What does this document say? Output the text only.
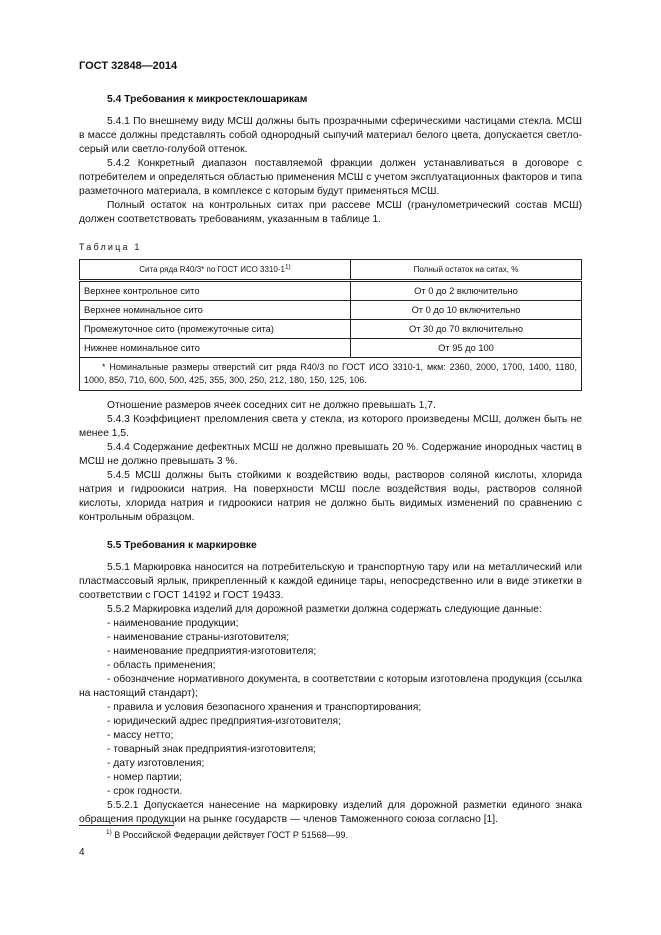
ГОСТ 32848—2014

5.4 Требования к микростеклошарикам

5.4.1 По внешнему виду МСШ должны быть прозрачными сферическими частицами стекла. МСШ в массе должны представлять собой однородный сыпучий материал белого цвета, допускается светло-серый или светло-голубой оттенок.

5.4.2 Конкретный диапазон поставляемой фракции должен устанавливаться в договоре с потребителем и определяться областью применения МСШ с учетом эксплуатационных факторов и типа разметочного материала, в комплексе с которым будут применяться МСШ.

Полный остаток на контрольных ситах при рассеве МСШ (гранулометрический состав МСШ) должен соответствовать требованиям, указанным в таблице 1.

Таблица 1
Сита ряда R40/3* по ГОСТ ИСО 3310-1$^{1)}$	Полный остаток на ситах, %
Верхнее контрольное сито	От 0 до 2 включительно
Верхнее номинальное сито	От 0 до 10 включительно
Промежуточное сито (промежуточные сита)	От 30 до 70 включительно
Нижнее номинальное сито	От 95 до 100
* Номинальные размеры отверстий сит ряда R40/3 по ГОСТ ИСО 3310-1, мкм: 2360, 2000, 1700, 1400, 1180, 1000, 850, 710, 600, 500, 425, 355, 300, 250, 212, 180, 150, 125, 106.	

Отношение размеров ячеек соседних сит не должно превышать 1,7.

5.4.3 Коэффициент преломления света у стекла, из которого произведены МСШ, должен быть не менее 1,5.

5.4.4 Содержание дефектных МСШ не должно превышать 20 %. Содержание инородных частиц в МСШ не должно превышать 3 %.

5.4.5 МСШ должны быть стойкими к воздействию воды, растворов соляной кислоты, хлорида натрия и гидроокиси натрия. На поверхности МСШ после воздействия воды, растворов соляной кислоты, хлорида натрия и гидроокиси натрия не должно быть видимых изменений по сравнению с контрольным образцом.

5.5 Требования к маркировке

5.5.1 Маркировка наносится на потребительскую и транспортную тару или на металлический или пластмассовый ярлык, прикрепленный к каждой единице тары, непосредственно или в виде этикетки в соответствии с ГОСТ 14192 и ГОСТ 19433.

5.5.2 Маркировка изделий для дорожной разметки должна содержать следующие данные:

- наименование продукции;

- наименование страны-изготовителя;

- наименование предприятия-изготовителя;

- область применения;

- обозначение нормативного документа, в соответствии с которым изготовлена продукция (ссылка на настоящий стандарт);

- правила и условия безопасного хранения и транспортирования;

- юридический адрес предприятия-изготовителя;

- массу нетто;

- товарный знак предприятия-изготовителя;

- дату изготовления;

- номер партии;

- срок годности.

5.5.2.1 Допускается нанесение на маркировку изделий для дорожной разметки единого знака обращения продукции на рынке государств — членов Таможенного союза согласно [1].

$^{1)}$ В Российской Федерации действует ГОСТ Р 51568—99.
4
